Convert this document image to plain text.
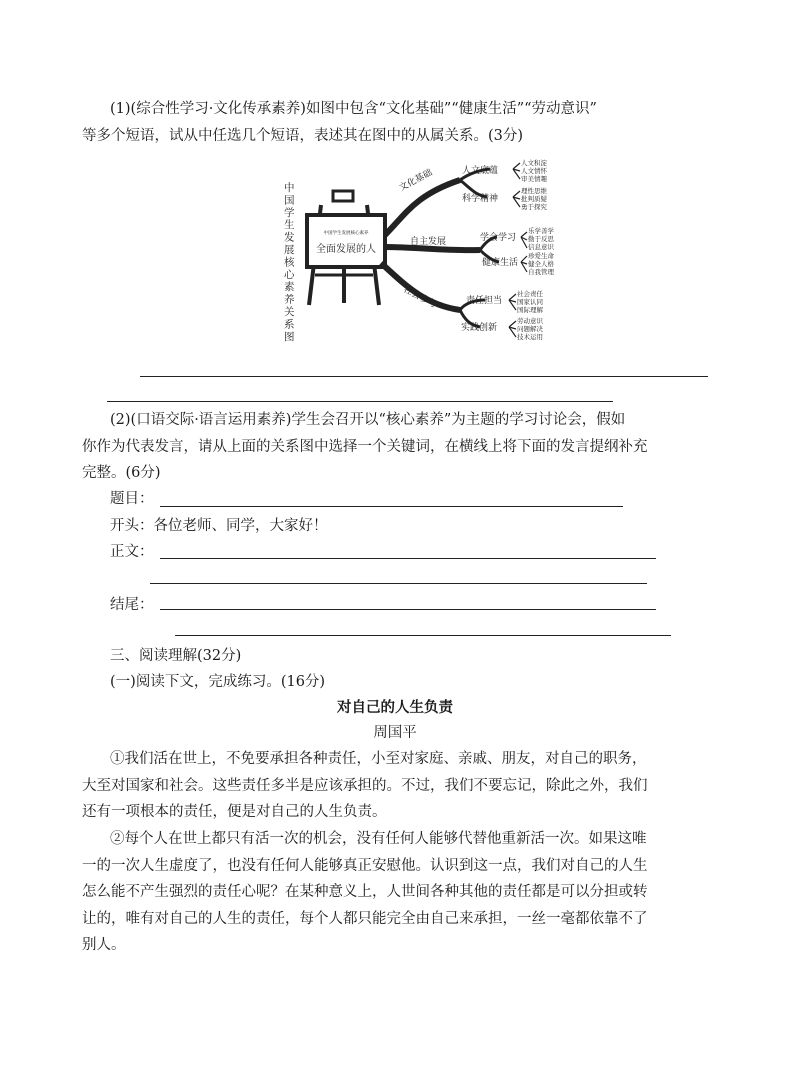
(1)(综合性学习·文化传承素养)如图中包含“文化基础”“健康生活”“劳动意识”
等多个短语，试从中任选几个短语，表述其在图中的从属关系。(3分)
中
国
学
生
发
展
核
心
素
养
关
系
图
中国学生发展核心素养
全面发展的人
文化基础
自主发展
社会参与
人文底蕴
科学精神
学会学习
健康生活
责任担当
实践创新
人文积淀
人文情怀
审美情趣
理性思维
批判质疑
勇于探究
乐学善学
勤于反思
信息意识
珍爱生命
健全人格
自我管理
社会责任
国家认同
国际理解
劳动意识
问题解决
技术运用
(2)(口语交际·语言运用素养)学生会召开以“核心素养”为主题的学习讨论会，假如
你作为代表发言，请从上面的关系图中选择一个关键词，在横线上将下面的发言提纲补充
完整。(6分)
题目：
开头：各位老师、同学，大家好！
正文：
结尾：
三、阅读理解(32分)
(一)阅读下文，完成练习。(16分)
对自己的人生负责
周国平
①我们活在世上，不免要承担各种责任，小至对家庭、亲戚、朋友，对自己的职务，
大至对国家和社会。这些责任多半是应该承担的。不过，我们不要忘记，除此之外，我们
还有一项根本的责任，便是对自己的人生负责。
②每个人在世上都只有活一次的机会，没有任何人能够代替他重新活一次。如果这唯
一的一次人生虚度了，也没有任何人能够真正安慰他。认识到这一点，我们对自己的人生
怎么能不产生强烈的责任心呢？在某种意义上，人世间各种其他的责任都是可以分担或转
让的，唯有对自己的人生的责任，每个人都只能完全由自己来承担，一丝一毫都依靠不了
别人。
